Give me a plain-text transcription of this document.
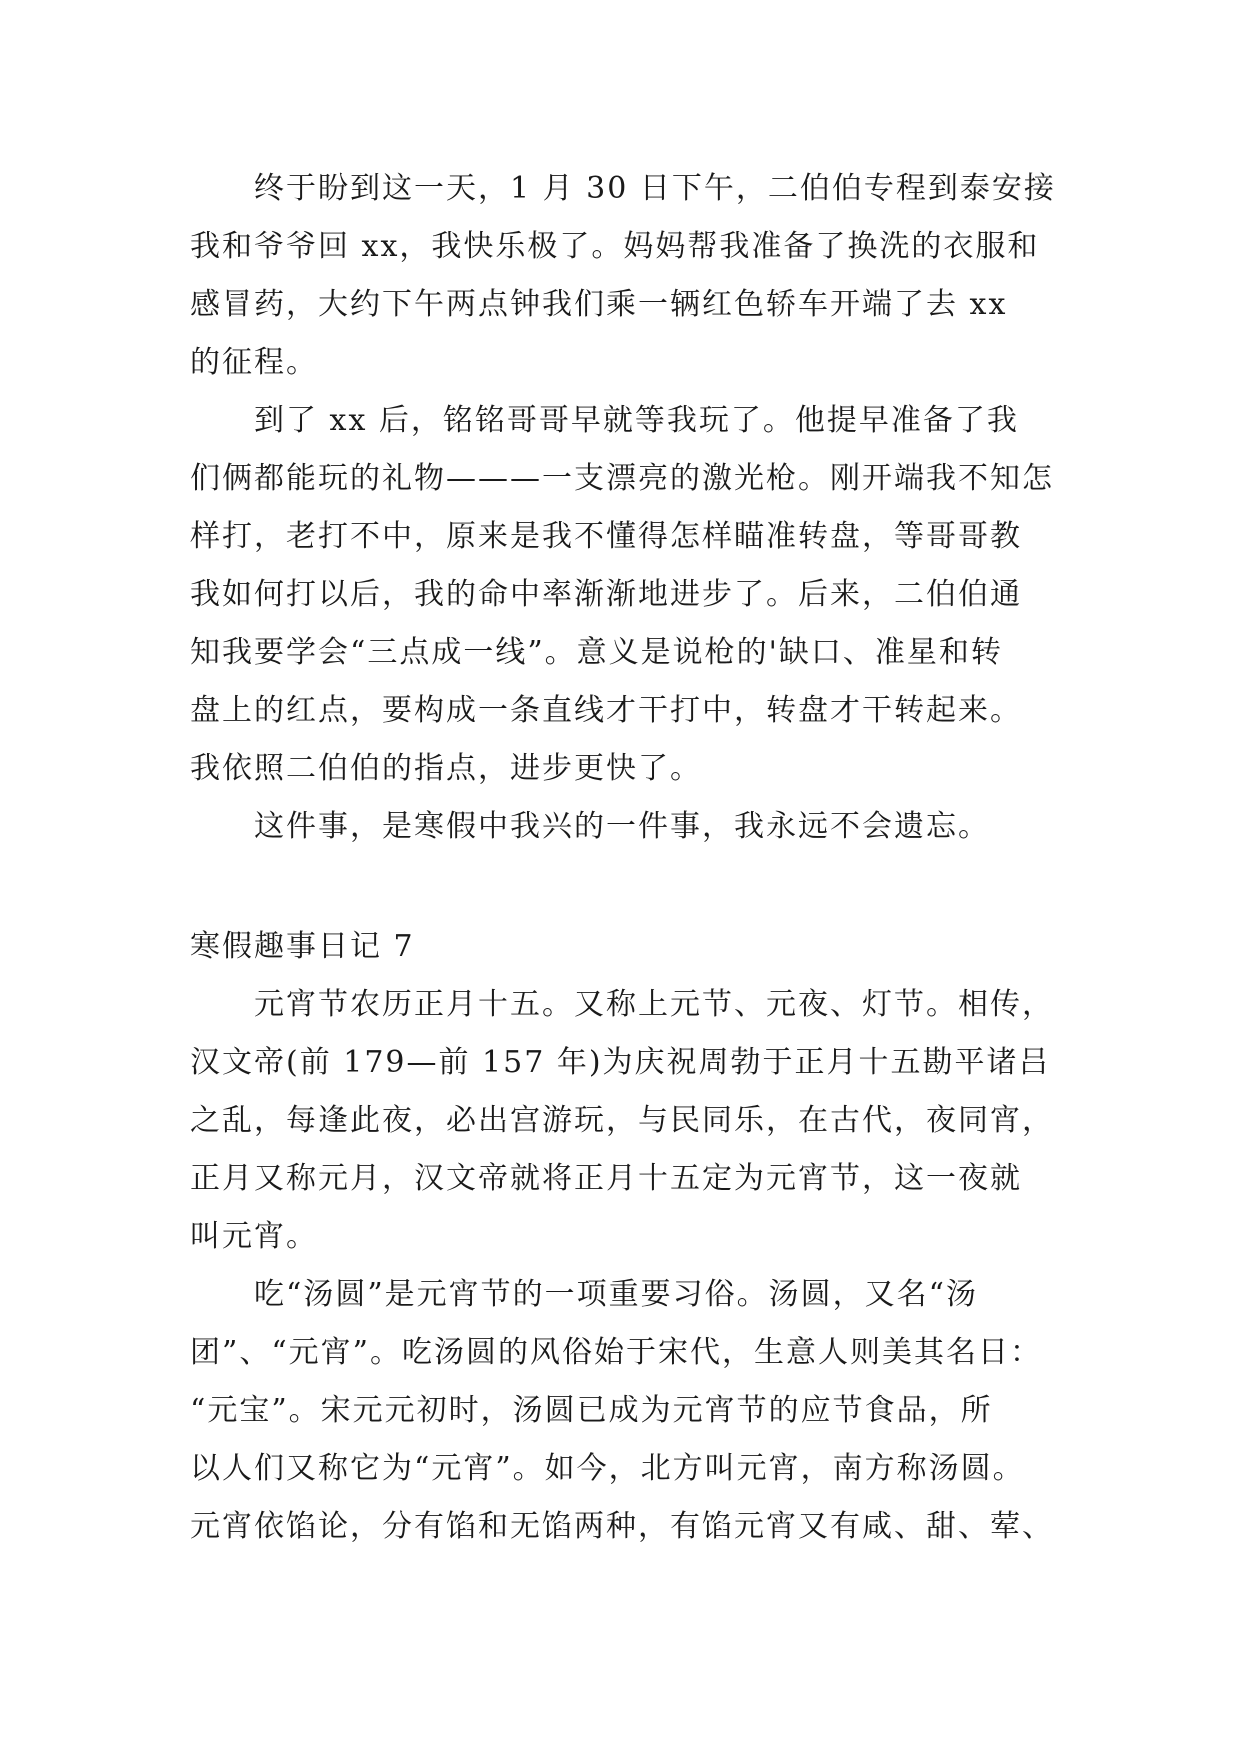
终于盼到这一天，1 月 30 日下午，二伯伯专程到泰安接
我和爷爷回 xx，我快乐极了。妈妈帮我准备了换洗的衣服和
感冒药，大约下午两点钟我们乘一辆红色轿车开端了去 xx
的征程。
到了 xx 后，铭铭哥哥早就等我玩了。他提早准备了我
们俩都能玩的礼物———一支漂亮的激光枪。刚开端我不知怎
样打，老打不中，原来是我不懂得怎样瞄准转盘，等哥哥教
我如何打以后，我的命中率渐渐地进步了。后来，二伯伯通
知我要学会“三点成一线”。意义是说枪的'缺口、准星和转
盘上的红点，要构成一条直线才干打中，转盘才干转起来。
我依照二伯伯的指点，进步更快了。
这件事，是寒假中我兴的一件事，我永远不会遗忘。
寒假趣事日记 7
元宵节农历正月十五。又称上元节、元夜、灯节。相传，
汉文帝(前 179—前 157 年)为庆祝周勃于正月十五勘平诸吕
之乱，每逢此夜，必出宫游玩，与民同乐，在古代，夜同宵，
正月又称元月，汉文帝就将正月十五定为元宵节，这一夜就
叫元宵。
吃“汤圆”是元宵节的一项重要习俗。汤圆，又名“汤
团”、“元宵”。吃汤圆的风俗始于宋代，生意人则美其名日：
“元宝”。宋元元初时，汤圆已成为元宵节的应节食品，所
以人们又称它为“元宵”。如今，北方叫元宵，南方称汤圆。
元宵依馅论，分有馅和无馅两种，有馅元宵又有咸、甜、荤、
